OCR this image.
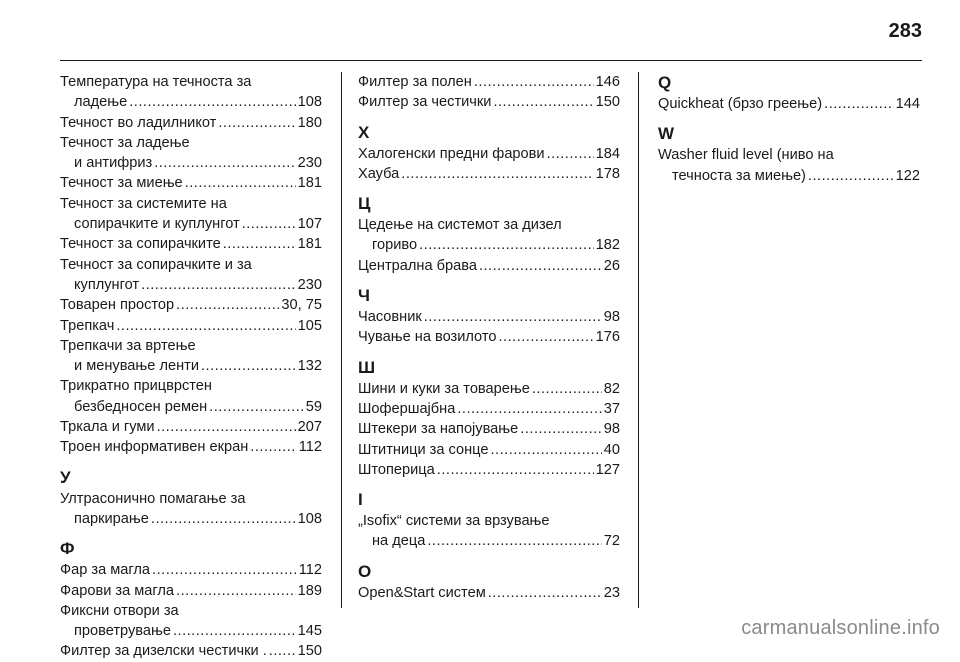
283
Температура на течноста за
ладење .....	108
Течност во ладилникот .....	180
Течност за ладење
и антифриз .....	230
Течност за миење .....	181
Течност за системите на
сопирачките и куплунгот .....	107
Течност за сопирачките .....	181
Течност за сопирачките и за
куплунгот .....	230
Товарен простор .....	30, 75
Трепкач .....	105
Трепкачи за вртење
и менување ленти .....	132
Трикратно прицврстен
безбедносен ремен .....	59
Тркала и гуми .....	207
Троен информативен екран .....	112
У
Ултрасонично помагање за
паркирање .....	108
Ф
Фар за магла .....	112
Фарови за магла .....	189
Фиксни отвори за
проветрување .....	145
Филтер за дизелски честички . ..... 150
Филтер за полен .....	146
Филтер за честички .....	150
Х
Халогенски предни фарови .....	184
Хауба .....	178
Ц
Цедење на системот за дизел
гориво .....	182
Централна брава .....	26
Ч
Часовник .....	98
Чување на возилото .....	176
Ш
Шини и куки за товарење .....	82
Шофершајбна .....	37
Штекери за напојување .....	98
Штитници за сонце .....	40
Штоперица .....	127
I
„Isofix“ системи за врзување
на деца .....	72
O
Open&Start систем .....	23
Q
Quickheat (брзо греење) .....	144
W
Washer fluid level (ниво на
течноста за миење) .....	122
carmanualsonline.info
